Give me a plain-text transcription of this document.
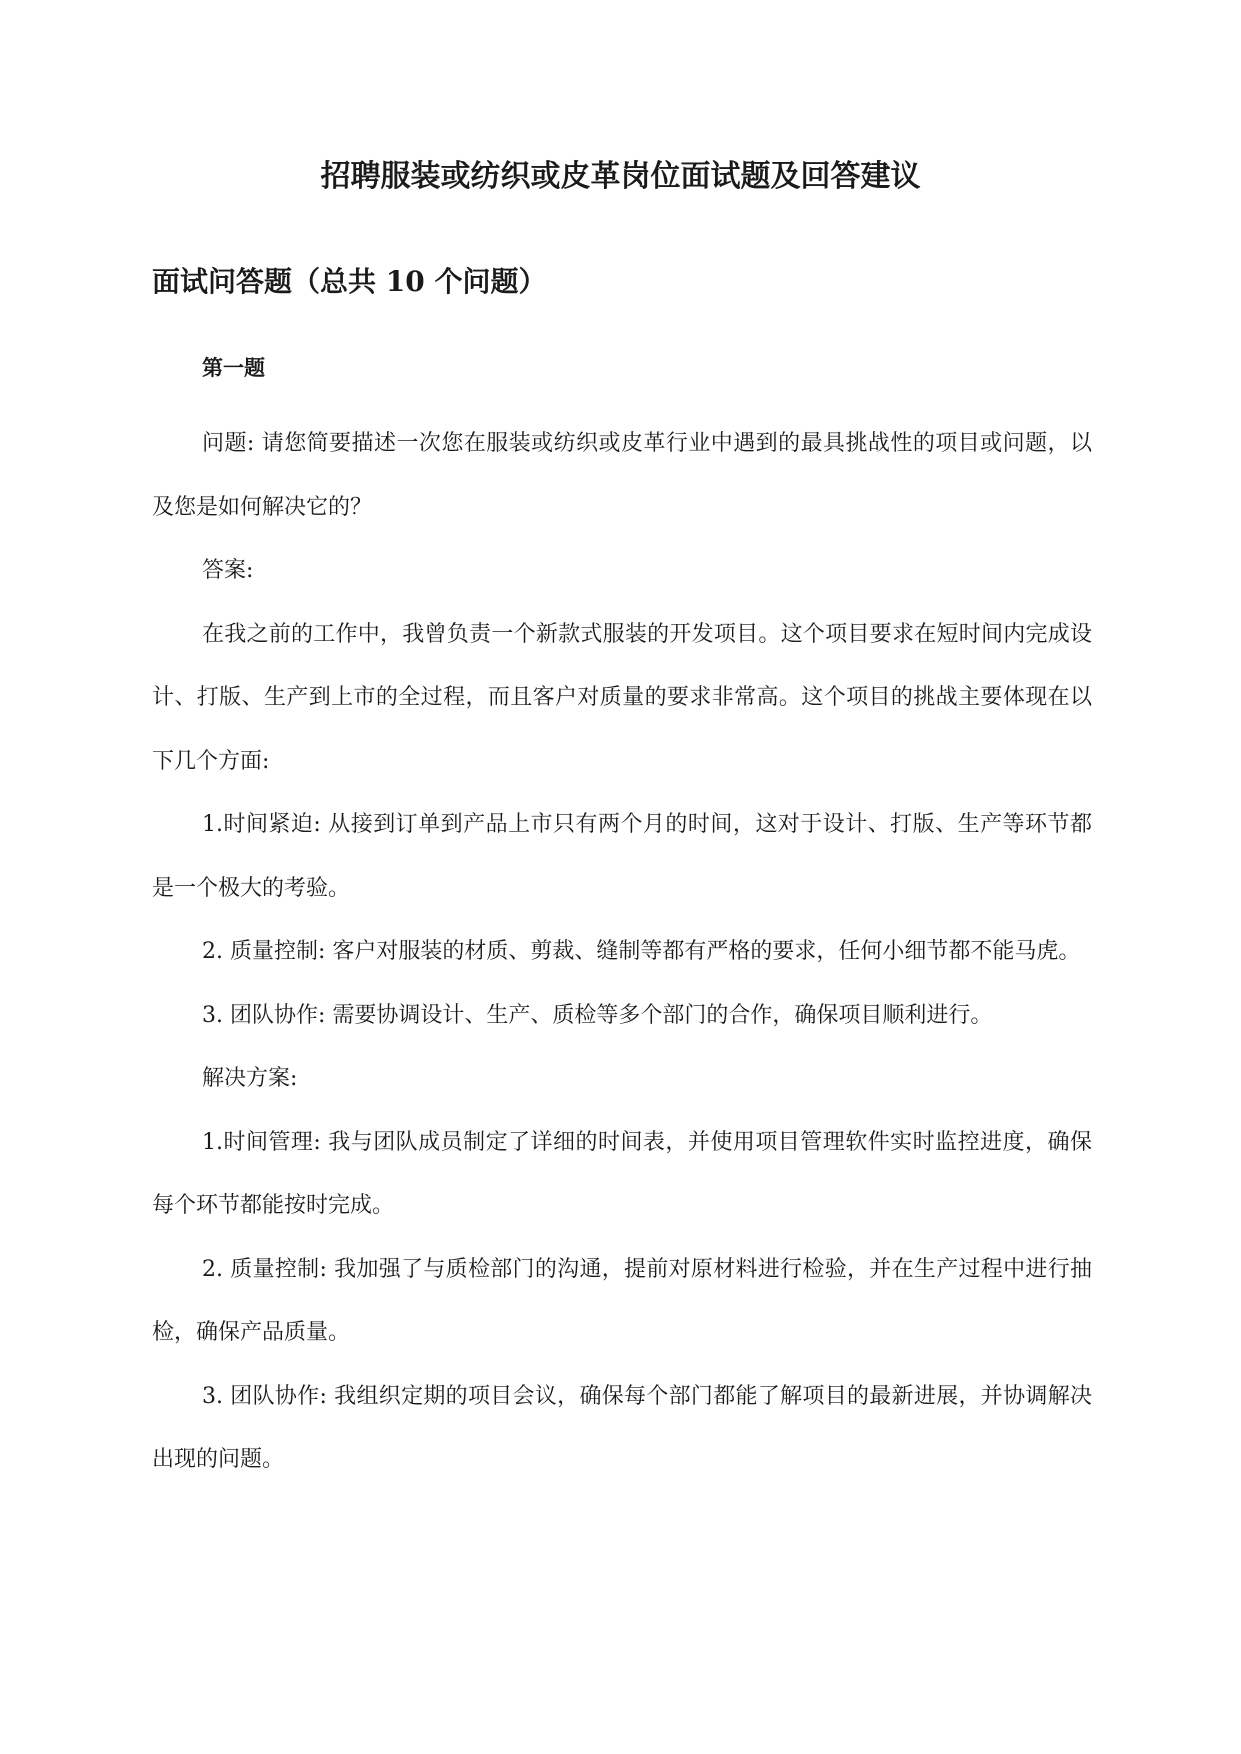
招聘服装或纺织或皮革岗位面试题及回答建议
面试问答题（总共 10 个问题）
第一题

问题: 请您简要描述一次您在服装或纺织或皮革行业中遇到的最具挑战性的项目或问题，以及您是如何解决它的？

答案:

在我之前的工作中，我曾负责一个新款式服装的开发项目。这个项目要求在短时间内完成设计、打版、生产到上市的全过程，而且客户对质量的要求非常高。这个项目的挑战主要体现在以下几个方面:

1.时间紧迫: 从接到订单到产品上市只有两个月的时间，这对于设计、打版、生产等环节都是一个极大的考验。

2. 质量控制: 客户对服装的材质、剪裁、缝制等都有严格的要求，任何小细节都不能马虎。

3. 团队协作: 需要协调设计、生产、质检等多个部门的合作，确保项目顺利进行。

解决方案:

1.时间管理: 我与团队成员制定了详细的时间表，并使用项目管理软件实时监控进度，确保每个环节都能按时完成。

2. 质量控制: 我加强了与质检部门的沟通，提前对原材料进行检验，并在生产过程中进行抽检，确保产品质量。

3. 团队协作: 我组织定期的项目会议，确保每个部门都能了解项目的最新进展，并协调解决出现的问题。
